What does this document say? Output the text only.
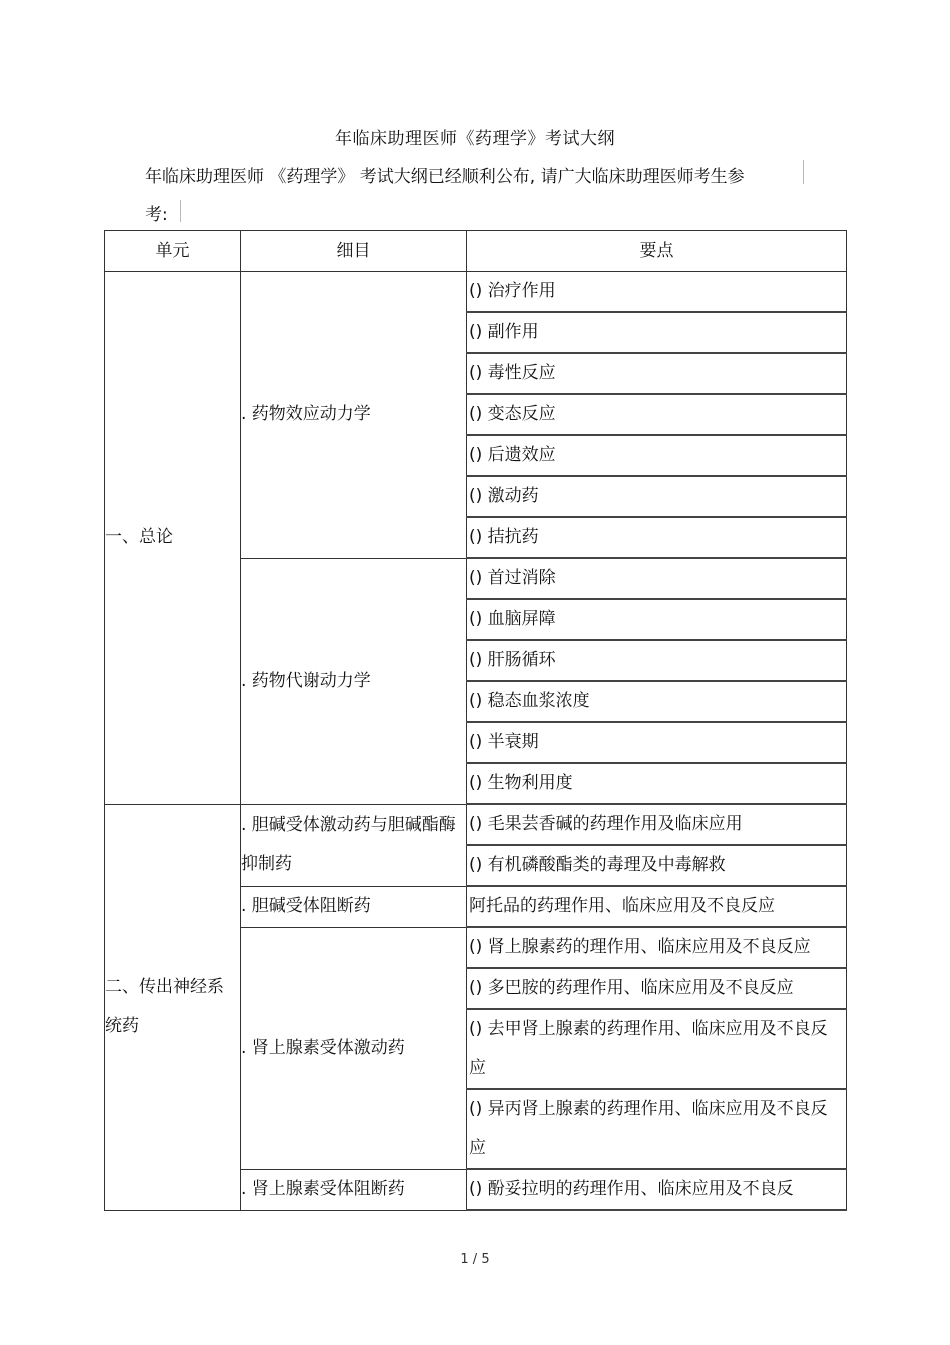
年临床助理医师《药理学》考试大纲
年临床助理医师 《药理学》 考试大纲已经顺利公布, 请广大临床助理医师考生参
考:
单元	细目	要点
一、总论	. 药物效应动力学	() 治疗作用
		() 副作用
		() 毒性反应
		() 变态反应
		() 后遗效应
		() 激动药
		() 拮抗药
	. 药物代谢动力学	() 首过消除
		() 血脑屏障
		() 肝肠循环
		() 稳态血浆浓度
		() 半衰期
		() 生物利用度
二、传出神经系统药	. 胆碱受体激动药与胆碱酯酶抑制药	() 毛果芸香碱的药理作用及临床应用
		() 有机磷酸酯类的毒理及中毒解救
	. 胆碱受体阻断药	阿托品的药理作用、临床应用及不良反应
	. 肾上腺素受体激动药	() 肾上腺素药的理作用、临床应用及不良反应
		() 多巴胺的药理作用、临床应用及不良反应
		() 去甲肾上腺素的药理作用、临床应用及不良反应
		() 异丙肾上腺素的药理作用、临床应用及不良反应
	. 肾上腺素受体阻断药	() 酚妥拉明的药理作用、临床应用及不良反
1 / 5
